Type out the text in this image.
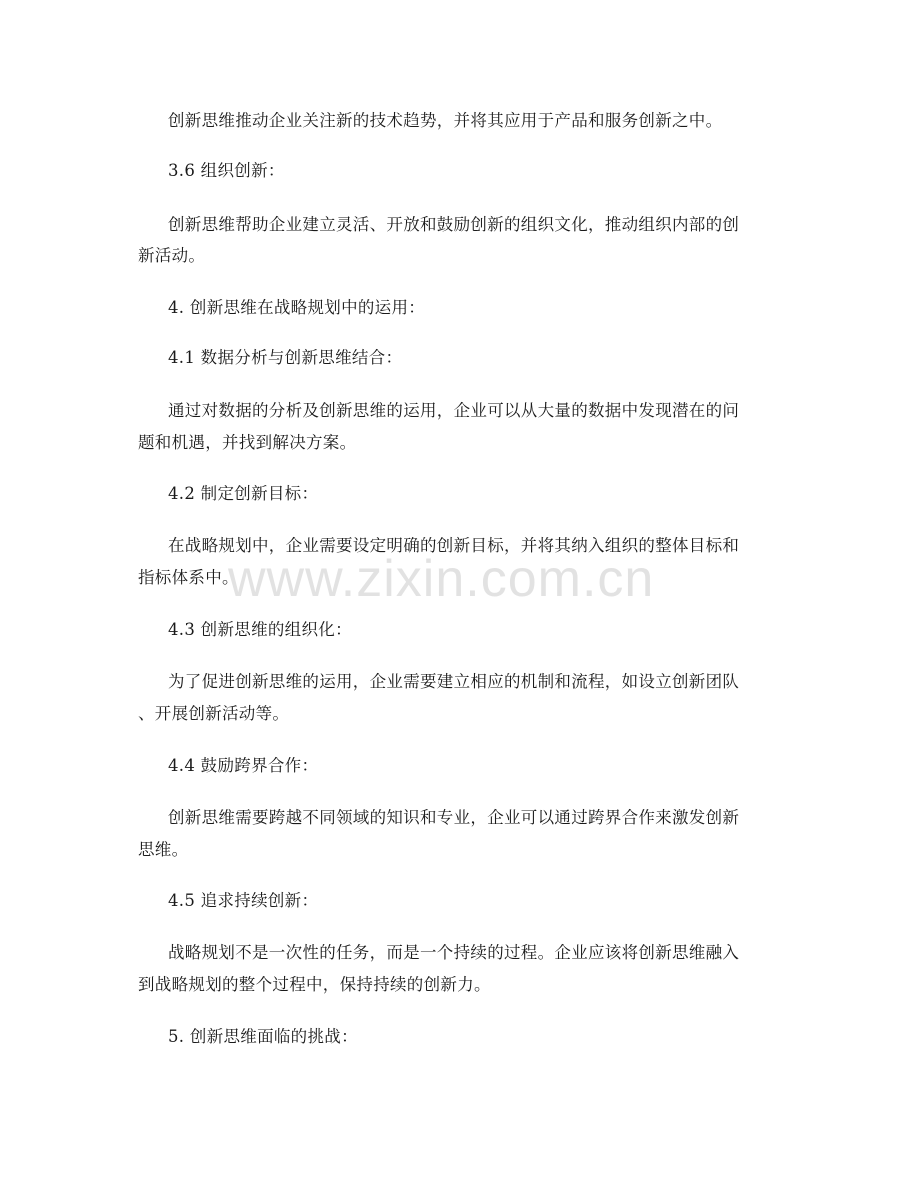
创新思维推动企业关注新的技术趋势，并将其应用于产品和服务创新之中。
3.6 组织创新：
创新思维帮助企业建立灵活、开放和鼓励创新的组织文化，推动组织内部的创
新活动。
4. 创新思维在战略规划中的运用：
4.1 数据分析与创新思维结合：
通过对数据的分析及创新思维的运用，企业可以从大量的数据中发现潜在的问
题和机遇，并找到解决方案。
4.2 制定创新目标：
在战略规划中，企业需要设定明确的创新目标，并将其纳入组织的整体目标和
指标体系中。
www.zixin.com.cn
4.3 创新思维的组织化：
为了促进创新思维的运用，企业需要建立相应的机制和流程，如设立创新团队
、开展创新活动等。
4.4 鼓励跨界合作：
创新思维需要跨越不同领域的知识和专业，企业可以通过跨界合作来激发创新
思维。
4.5 追求持续创新：
战略规划不是一次性的任务，而是一个持续的过程。企业应该将创新思维融入
到战略规划的整个过程中，保持持续的创新力。
5. 创新思维面临的挑战：
